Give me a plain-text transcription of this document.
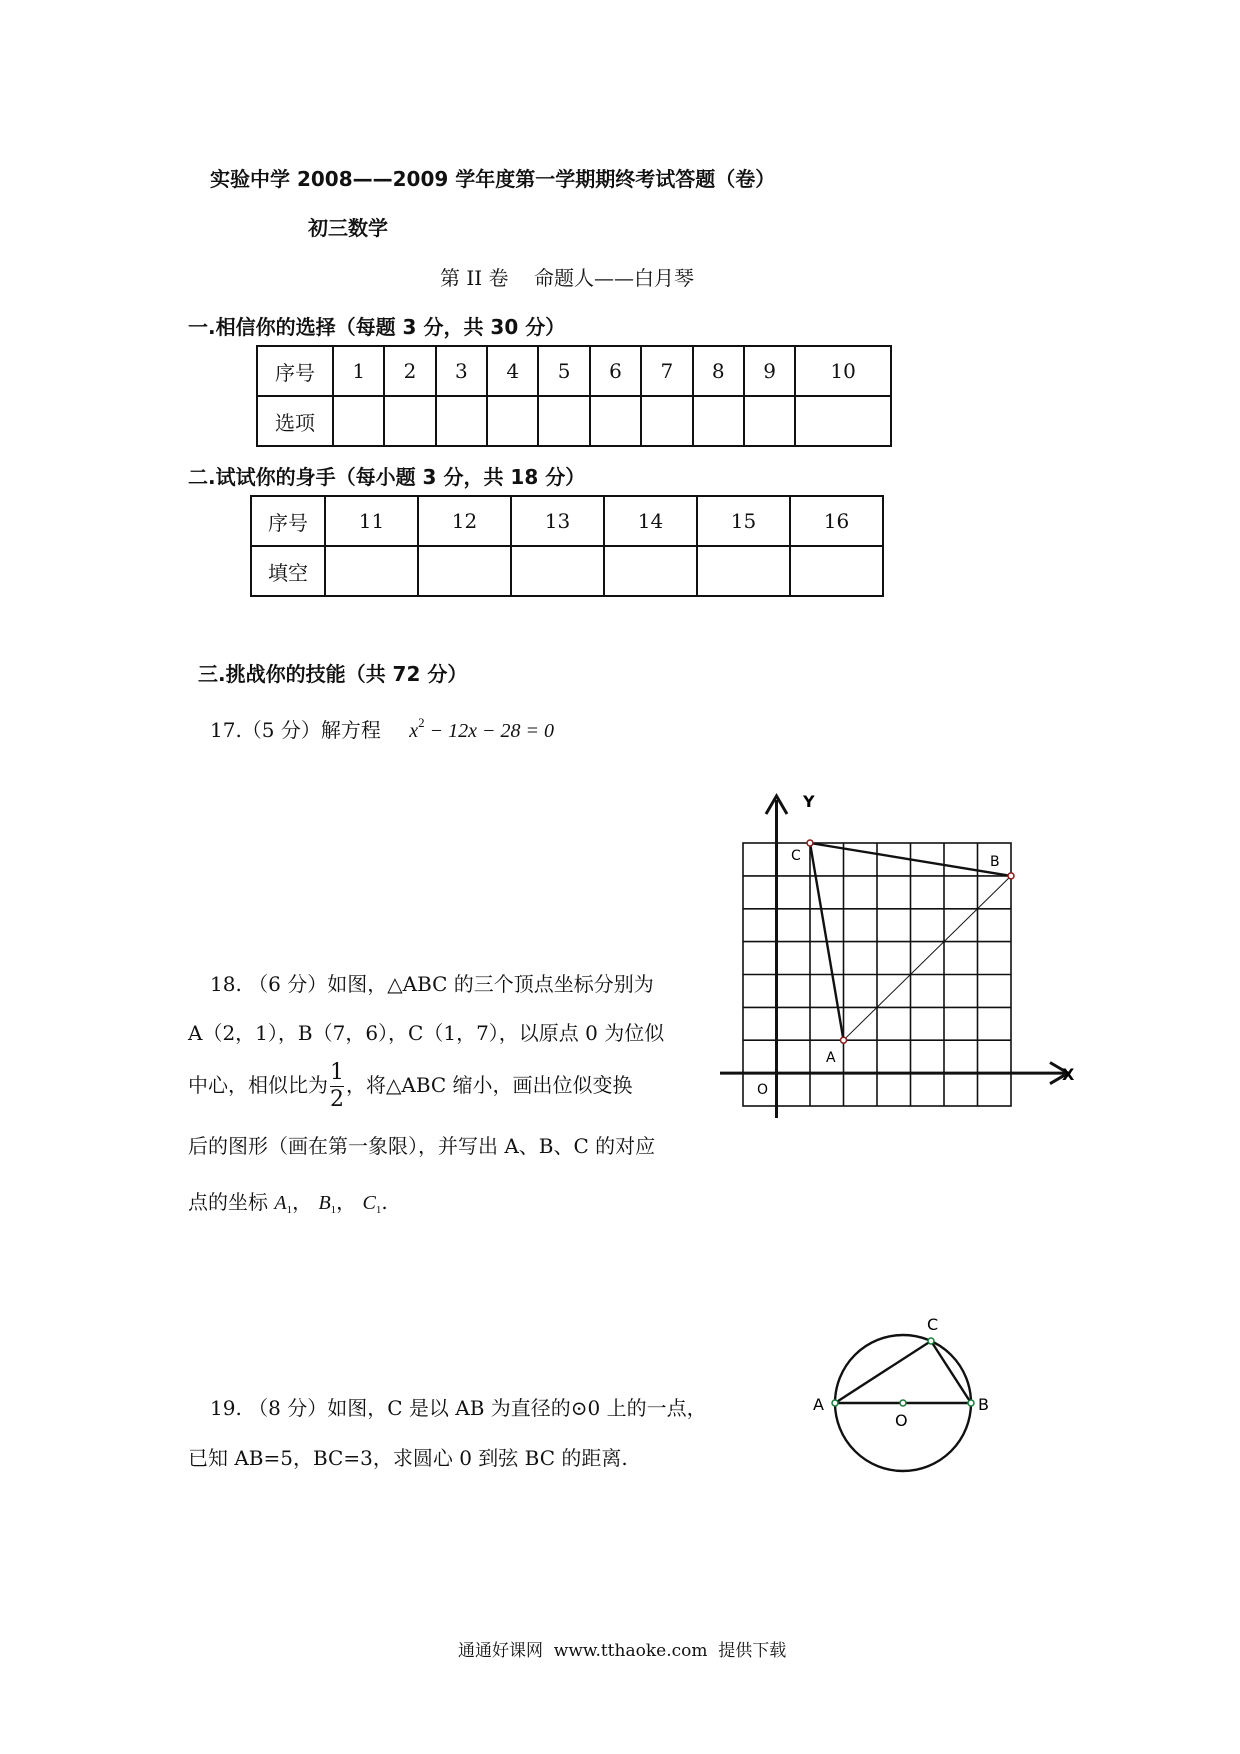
实验中学 2008——2009 学年度第一学期期终考试答题（卷）
初三数学
第 II 卷    命题人——白月琴
一.相信你的选择（每题 3 分，共 30 分）
序号	1	2	3	4	5	6	7	8	9	10
选项										
二.试试你的身手（每小题 3 分，共 18 分）
序号	11	12	13	14	15	16
填空						
三.挑战你的技能（共 72 分）
17.（5 分）解方程 $x^2 - 12x - 28 = 0$
18. （6 分）如图，△ABC 的三个顶点坐标分别为
A（2，1），B（7，6），C（1，7），以原点 0 为位似
中心，相似比为 $\frac{1}{2}$ ，将△ABC 缩小，画出位似变换
后的图形（画在第一象限），并写出 A、B、C 的对应
点的坐标 $A_1$， $B_1$， $C_1$.
Y
X
O
A
B
C
A	B
C
O
19. （8 分）如图，C 是以 AB 为直径的⊙0 上的一点，
已知 AB=5，BC=3，求圆心 0 到弦 BC 的距离.
通通好课网  www.tthaoke.com  提供下载
